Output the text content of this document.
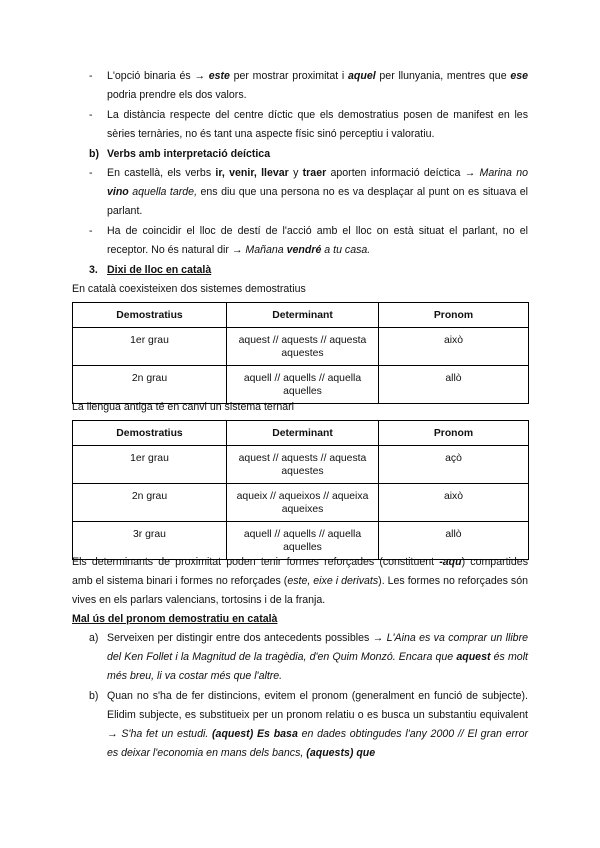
- L'opció binaria és → este per mostrar proximitat i aquel per llunyania, mentres que ese podria prendre els dos valors.
- La distància respecte del centre díctic que els demostratius posen de manifest en les sèries ternàries, no és tant una aspecte físic sinó perceptiu i valoratiu.
b) Verbs amb interpretació deíctica
- En castellà, els verbs ir, venir, llevar y traer aporten informació deíctica → Marina no vino aquella tarde, ens diu que una persona no es va desplaçar al punt on es situava el parlant.
- Ha de coincidir el lloc de destí de l'acció amb el lloc on està situat el parlant, no el receptor. No és natural dir → Mañana vendré a tu casa.
3. Dixi de lloc en català
En català coexisteixen dos sistemes demostratius
Demostratius	Determinant	Pronom
1er grau	aquest // aquests // aquesta aquestes	això
2n grau	aquell // aquells // aquella aquelles	allò
La llengua antiga té en canvi un sistema ternari
Demostratius	Determinant	Pronom
1er grau	aquest // aquests // aquesta aquestes	açò
2n grau	aqueix // aqueixos // aqueixa aqueixes	això
3r grau	aquell // aquells // aquella aquelles	allò
Els determinants de proximitat poden tenir formes reforçades (constituent -aqu) compartides amb el sistema binari i formes no reforçades (este, eixe i derivats). Les formes no reforçades són vives en els parlars valencians, tortosins i de la franja.
Mal ús del pronom demostratiu en català
a) Serveixen per distingir entre dos antecedents possibles → L'Aina es va comprar un llibre del Ken Follet i la Magnitud de la tragèdia, d'en Quim Monzó. Encara que aquest és molt més breu, li va costar més que l'altre.
b) Quan no s'ha de fer distincions, evitem el pronom (generalment en funció de subjecte). Elidim subjecte, es substitueix per un pronom relatiu o es busca un substantiu equivalent → S'ha fet un estudi. (aquest) Es basa en dades obtingudes l'any 2000 // El gran error es deixar l'economia en mans dels bancs, (aquests) que
